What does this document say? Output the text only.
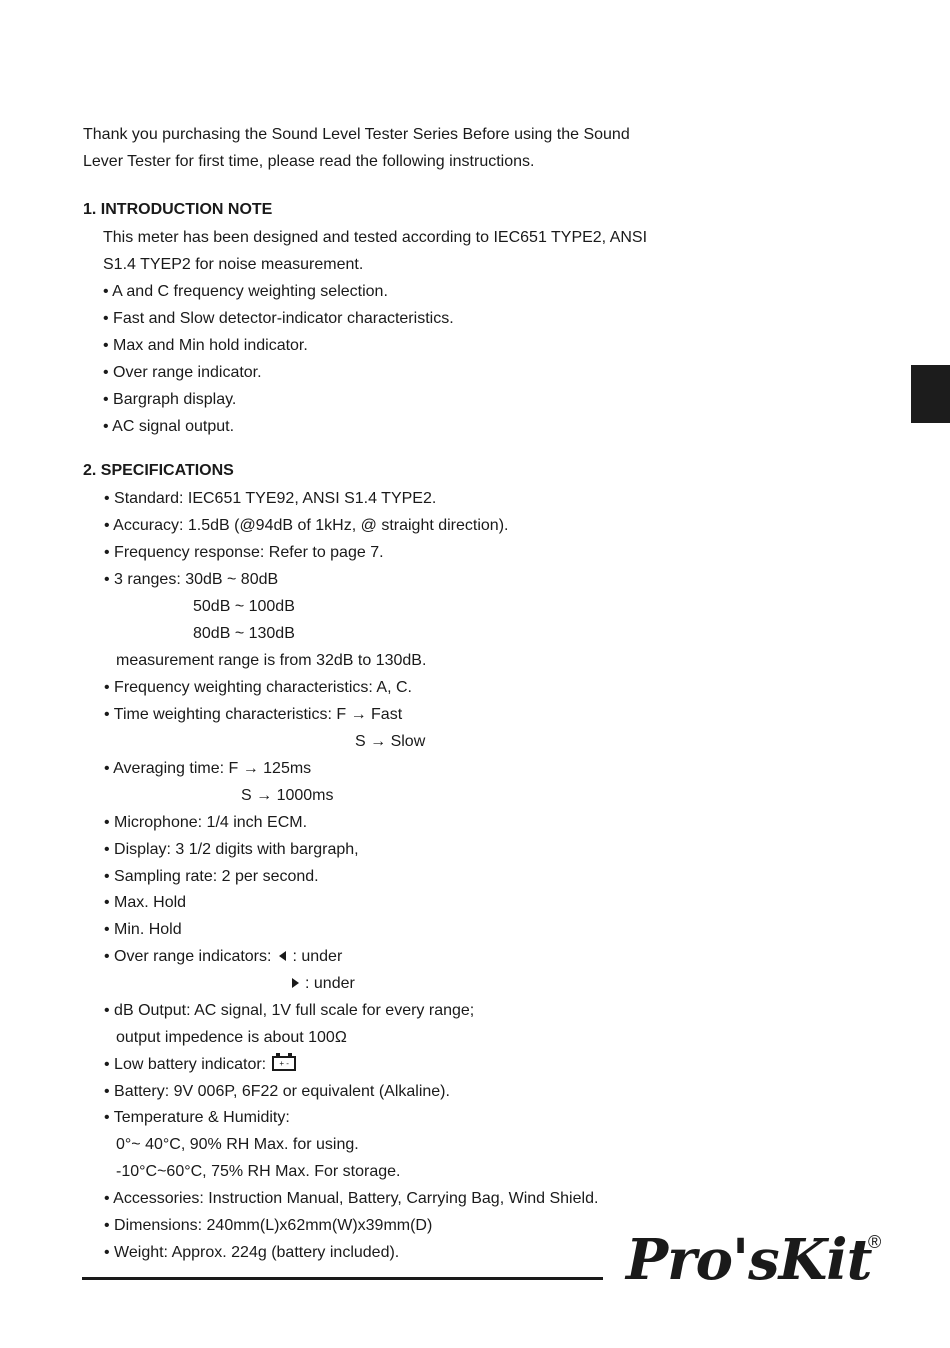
Thank you purchasing the Sound Level Tester Series Before using the Sound
Lever Tester for first time, please read the following instructions.
1. INTRODUCTION NOTE
This meter has been designed and tested according to IEC651 TYPE2, ANSI
S1.4 TYEP2 for noise measurement.
• A and C frequency weighting selection.
• Fast and Slow detector-indicator characteristics.
• Max and Min hold indicator.
• Over range indicator.
• Bargraph display.
• AC signal output.
2. SPECIFICATIONS
• Standard: IEC651 TYE92, ANSI S1.4 TYPE2.
• Accuracy: 1.5dB (@94dB of 1kHz, @ straight direction).
• Frequency response: Refer to page 7.
• 3 ranges: 30dB ~ 80dB
50dB ~ 100dB
80dB ~ 130dB
measurement range is from 32dB to 130dB.
• Frequency weighting characteristics: A, C.
• Time weighting characteristics: F → Fast
S → Slow
• Averaging time: F → 125ms
S → 1000ms
• Microphone: 1/4 inch ECM.
• Display: 3 1/2 digits with bargraph,
• Sampling rate: 2 per second.
• Max. Hold
• Min. Hold
• Over range indicators: : under
: under
• dB Output: AC signal, 1V full scale for every range;
output impedence is about 100Ω
• Low battery indicator: + -
• Battery: 9V 006P, 6F22 or equivalent (Alkaline).
• Temperature & Humidity:
0°~ 40°C, 90% RH Max. for using.
-10°C~60°C, 75% RH Max. For storage.
• Accessories: Instruction Manual, Battery, Carrying Bag, Wind Shield.
• Dimensions: 240mm(L)x62mm(W)x39mm(D)
• Weight: Approx. 224g (battery included).	Pro'sKit
®
